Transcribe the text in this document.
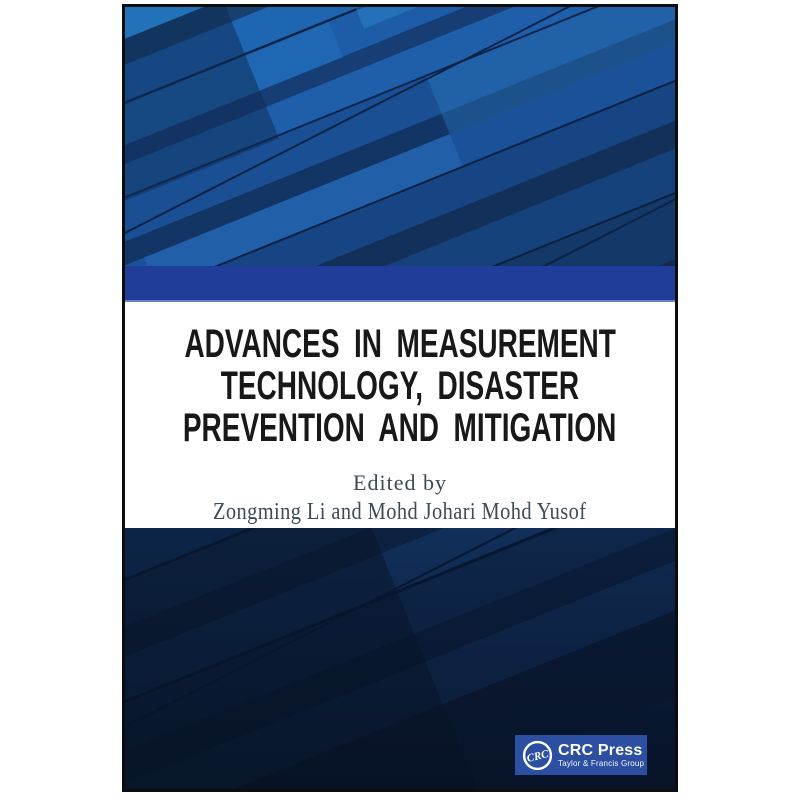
ADVANCES IN MEASUREMENT
TECHNOLOGY, DISASTER
PREVENTION AND MITIGATION
Edited by
Zongming Li and Mohd Johari Mohd Yusof
CRC CRC Press
Taylor & Francis Group
